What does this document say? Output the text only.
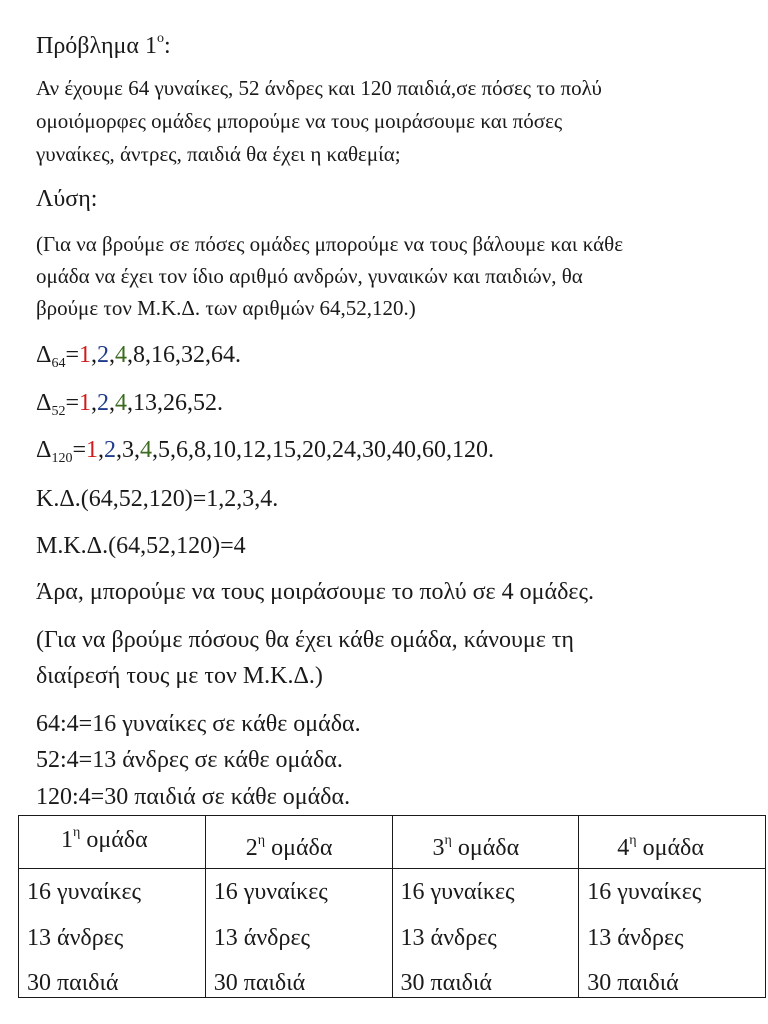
Πρόβλημα $1^o$:
Αν έχουμε 64 γυναίκες, 52 άνδρες και 120 παιδιά,σε πόσες το πολύ
ομοιόμορφες ομάδες μπορούμε να τους μοιράσουμε και πόσες
γυναίκες, άντρες, παιδιά θα έχει η καθεμία;
Λύση:
(Για να βρούμε σε πόσες ομάδες μπορούμε να τους βάλουμε και κάθε
ομάδα να έχει τον ίδιο αριθμό ανδρών, γυναικών και παιδιών, θα
βρούμε τον Μ.Κ.Δ. των αριθμών 64,52,120.)
$\Delta_{64}=1,2,4,8,16,32,64$.
$\Delta_{52}=1,2,4,13,26,52$.
$\Delta_{120}=1,2,3,4,5,6,8,10,12,15,20,24,30,40,60,120$.
Κ.Δ.(64,52,120)=1,2,3,4.
Μ.Κ.Δ.(64,52,120)=4
Άρα, μπορούμε να τους μοιράσουμε το πολύ σε 4 ομάδες.
(Για να βρούμε πόσους θα έχει κάθε ομάδα, κάνουμε τη
διαίρεσή τους με τον Μ.Κ.Δ.)
64:4=16 γυναίκες σε κάθε ομάδα.
52:4=13 άνδρες σε κάθε ομάδα.
120:4=30 παιδιά σε κάθε ομάδα.
$1^\eta$ ομάδα	$2^\eta$ ομάδα	$3^\eta$ ομάδα	$4^\eta$ ομάδα

16 γυναίκες
13 άνδρες
30 παιδιά	16 γυναίκες
13 άνδρες
30 παιδιά	16 γυναίκες
13 άνδρες
30 παιδιά	16 γυναίκες
13 άνδρες
30 παιδιά
